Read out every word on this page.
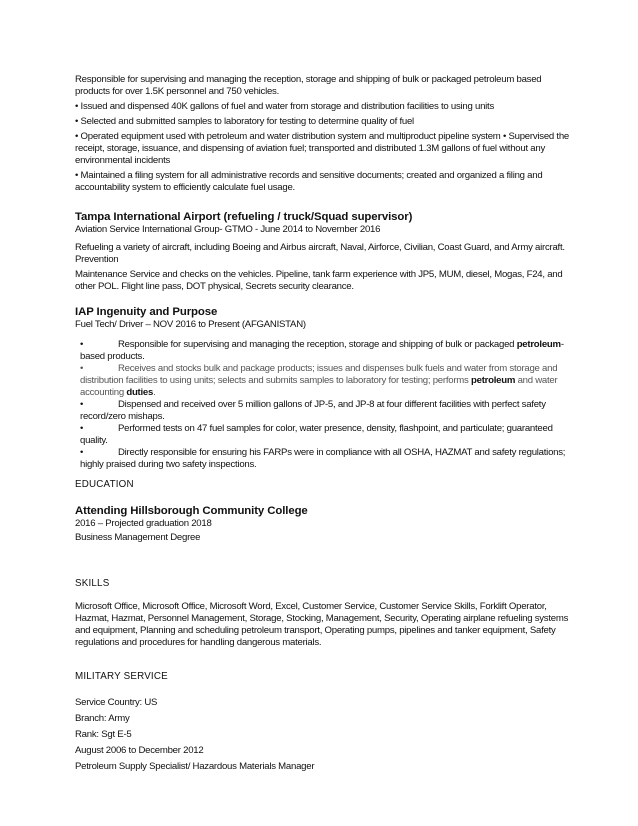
Responsible for supervising and managing the reception, storage and shipping of bulk or packaged petroleum based products for over 1.5K personnel and 750 vehicles.

• Issued and dispensed 40K gallons of fuel and water from storage and distribution facilities to using units

• Selected and submitted samples to laboratory for testing to determine quality of fuel

• Operated equipment used with petroleum and water distribution system and multiproduct pipeline system • Supervised the receipt, storage, issuance, and dispensing of aviation fuel; transported and distributed 1.3M gallons of fuel without any environmental incidents

• Maintained a filing system for all administrative records and sensitive documents; created and organized a filing and accountability system to efficiently calculate fuel usage.

Tampa International Airport (refueling / truck/Squad supervisor)

Aviation Service International Group- GTMO - June 2014 to November 2016

Refueling a variety of aircraft, including Boeing and Airbus aircraft, Naval, Airforce, Civilian, Coast Guard, and Army aircraft. Prevention

Maintenance Service and checks on the vehicles. Pipeline, tank farm experience with JP5, MUM, diesel, Mogas, F24, and other POL. Flight line pass, DOT physical, Secrets security clearance.

IAP Ingenuity and Purpose

Fuel Tech/ Driver – NOV 2016 to Present (AFGANISTAN)

•	Responsible for supervising and managing the reception, storage and shipping of bulk or packaged petroleum-based products.

•	Receives and stocks bulk and package products; issues and dispenses bulk fuels and water from storage and distribution facilities to using units; selects and submits samples to laboratory for testing; performs petroleum and water accounting duties.

•	Dispensed and received over 5 million gallons of JP-5, and JP-8 at four different facilities with perfect safety record/zero mishaps.

•	Performed tests on 47 fuel samples for color, water presence, density, flashpoint, and particulate; guaranteed quality.

•	Directly responsible for ensuring his FARPs were in compliance with all OSHA, HAZMAT and safety regulations; highly praised during two safety inspections.

EDUCATION

Attending Hillsborough Community College

2016 – Projected graduation 2018

Business Management Degree

SKILLS

Microsoft Office, Microsoft Office, Microsoft Word, Excel, Customer Service, Customer Service Skills, Forklift Operator, Hazmat, Hazmat, Personnel Management, Storage, Stocking, Management, Security, Operating airplane refueling systems and equipment, Planning and scheduling petroleum transport, Operating pumps, pipelines and tanker equipment, Safety regulations and procedures for handling dangerous materials.

MILITARY SERVICE

Service Country: US

Branch: Army

Rank: Sgt E-5

August 2006 to December 2012

Petroleum Supply Specialist/ Hazardous Materials Manager
